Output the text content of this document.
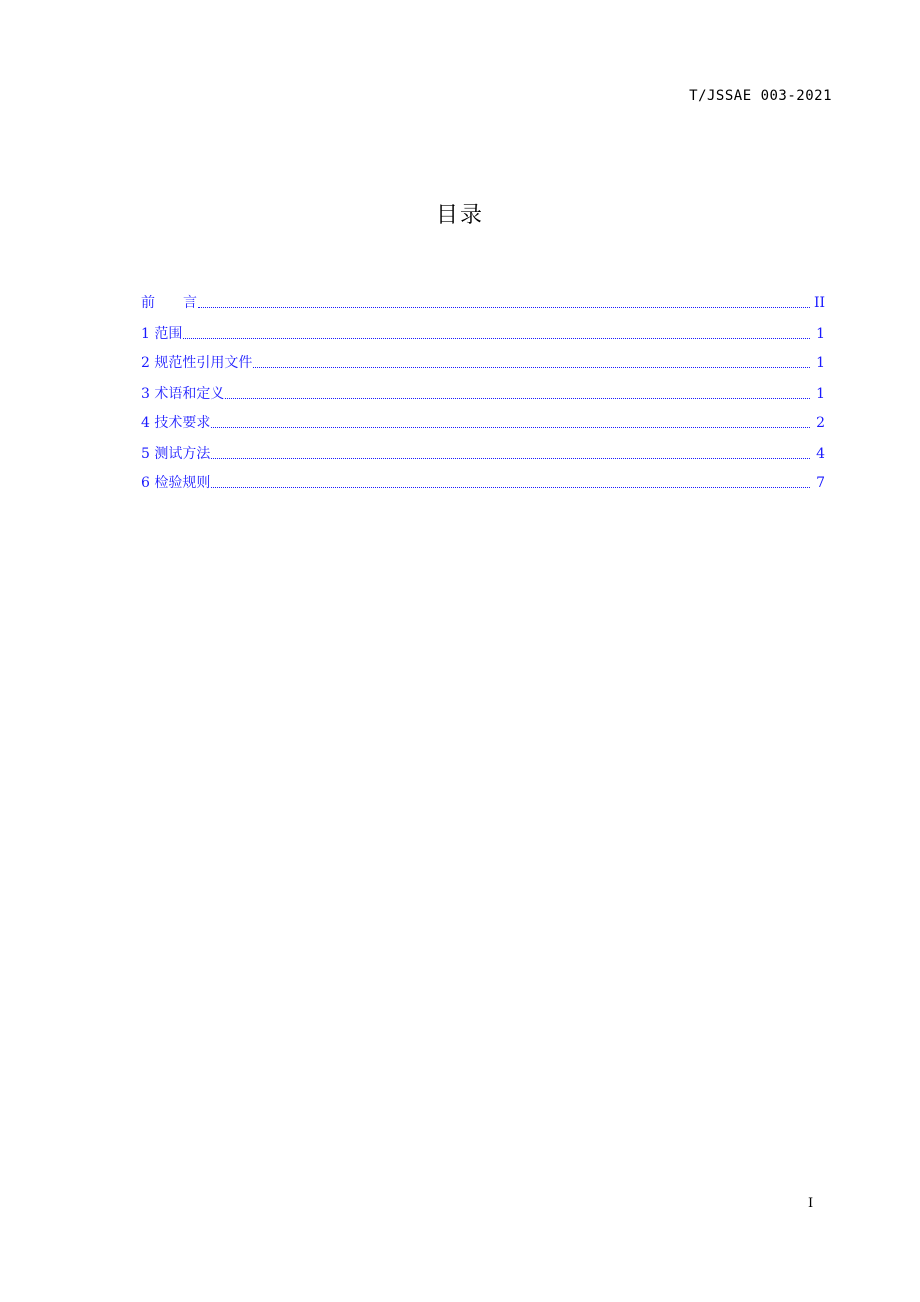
T/JSSAE 003-2021
目录
前　　言	II
1 范围	1
2 规范性引用文件	1
3 术语和定义	1
4 技术要求	2
5 测试方法	4
6 检验规则	7
I
